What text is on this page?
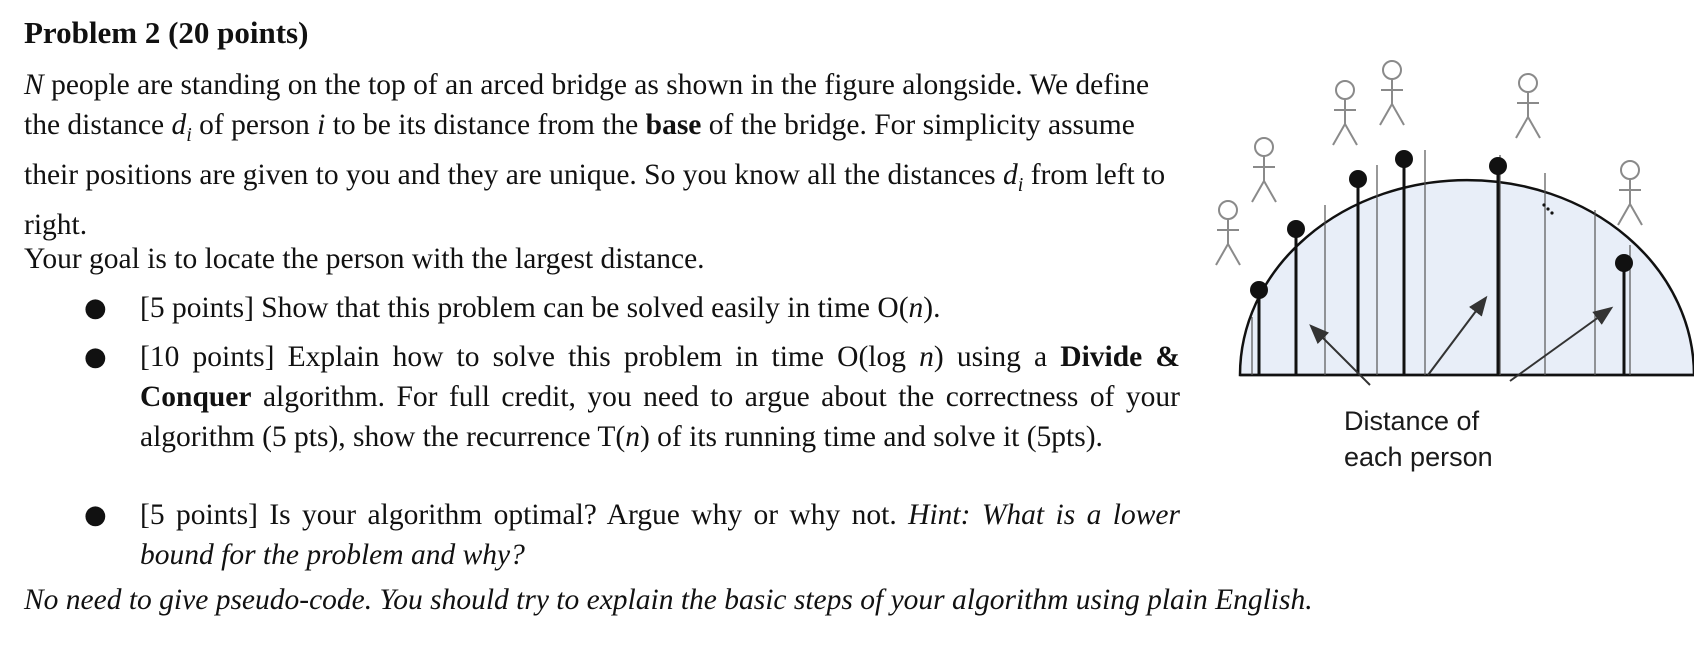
Problem 2 (20 points)
N people are standing on the top of an arced bridge as shown in the figure alongside. We define the distance $d_i$ of person i to be its distance from the base of the bridge. For simplicity assume their positions are given to you and they are unique. So you know all the distances $d_i$ from left to right.
Your goal is to locate the person with the largest distance.
● [5 points] Show that this problem can be solved easily in time O(n).
● [10 points] Explain how to solve this problem in time O(log n) using a Divide & Conquer algorithm. For full credit, you need to argue about the correctness of your algorithm (5 pts), show the recurrence T(n) of its running time and solve it (5pts).
● [5 points] Is your algorithm optimal? Argue why or why not. Hint: What is a lower bound for the problem and why?
No need to give pseudo-code. You should try to explain the basic steps of your algorithm using plain English.
Distance of
each person
